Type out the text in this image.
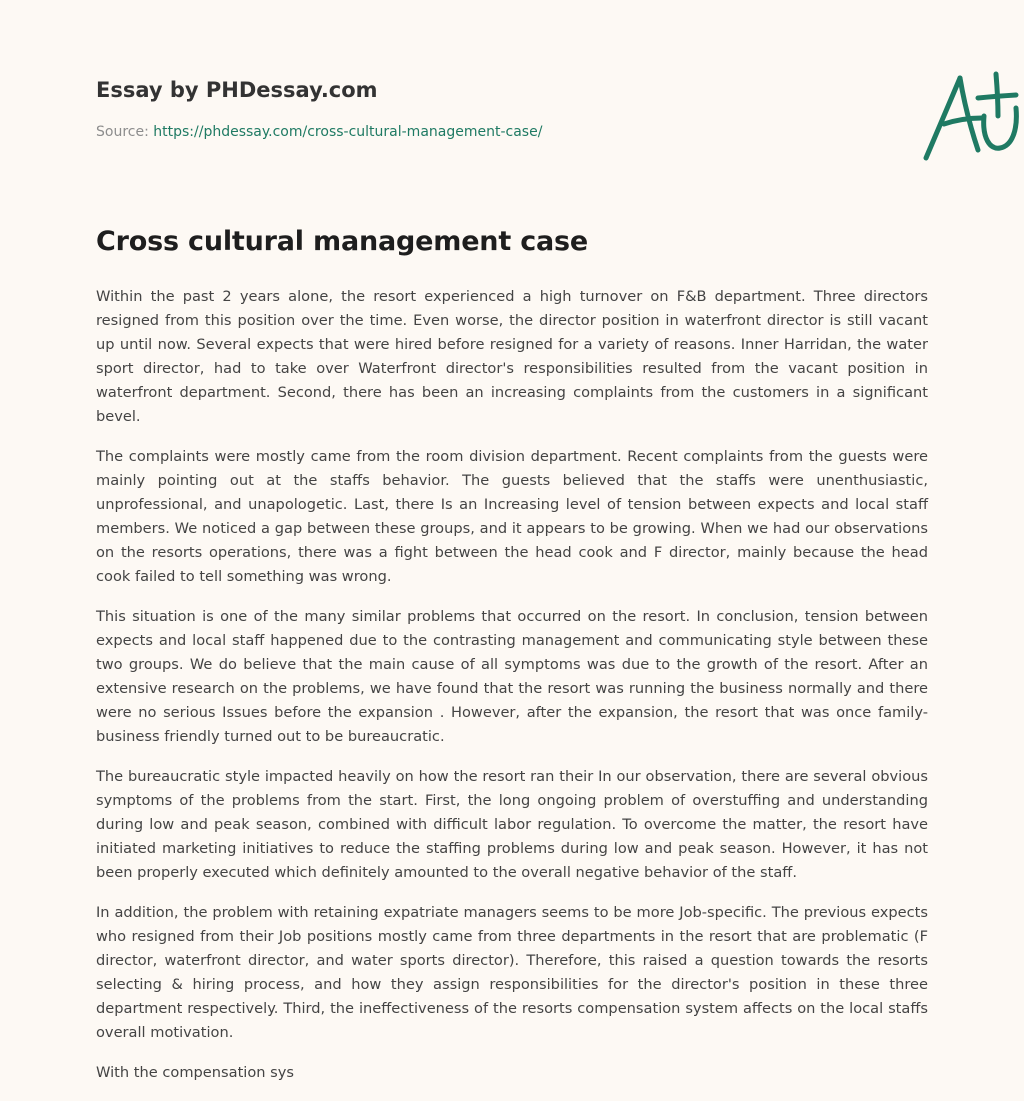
Essay by PHDessay.com
Source: https://phdessay.com/cross-cultural-management-case/
Cross cultural management case

Within the past 2 years alone, the resort experienced a high turnover on F&B department. Three directors resigned from this position over the time. Even worse, the director position in waterfront director is still vacant up until now. Several expects that were hired before resigned for a variety of reasons. Inner Harridan, the water sport director, had to take over Waterfront director's responsibilities resulted from the vacant position in waterfront department. Second, there has been an increasing complaints from the customers in a significant bevel.

The complaints were mostly came from the room division department. Recent complaints from the guests were mainly pointing out at the staffs behavior. The guests believed that the staffs were unenthusiastic, unprofessional, and unapologetic. Last, there Is an Increasing level of tension between expects and local staff members. We noticed a gap between these groups, and it appears to be growing. When we had our observations on the resorts operations, there was a fight between the head cook and F director, mainly because the head cook failed to tell something was wrong.

This situation is one of the many similar problems that occurred on the resort. In conclusion, tension between expects and local staff happened due to the contrasting management and communicating style between these two groups. We do believe that the main cause of all symptoms was due to the growth of the resort. After an extensive research on the problems, we have found that the resort was running the business normally and there were no serious Issues before the expansion . However, after the expansion, the resort that was once family-business friendly turned out to be bureaucratic.

The bureaucratic style impacted heavily on how the resort ran their In our observation, there are several obvious symptoms of the problems from the start. First, the long ongoing problem of overstuffing and understanding during low and peak season, combined with difficult labor regulation. To overcome the matter, the resort have initiated marketing initiatives to reduce the staffing problems during low and peak season. However, it has not been properly executed which definitely amounted to the overall negative behavior of the staff.

In addition, the problem with retaining expatriate managers seems to be more Job-specific. The previous expects who resigned from their Job positions mostly came from three departments in the resort that are problematic (F director, waterfront director, and water sports director). Therefore, this raised a question towards the resorts selecting & hiring process, and how they assign responsibilities for the director's position in these three department respectively. Third, the ineffectiveness of the resorts compensation system affects on the local staffs overall motivation.

With the compensation sys
